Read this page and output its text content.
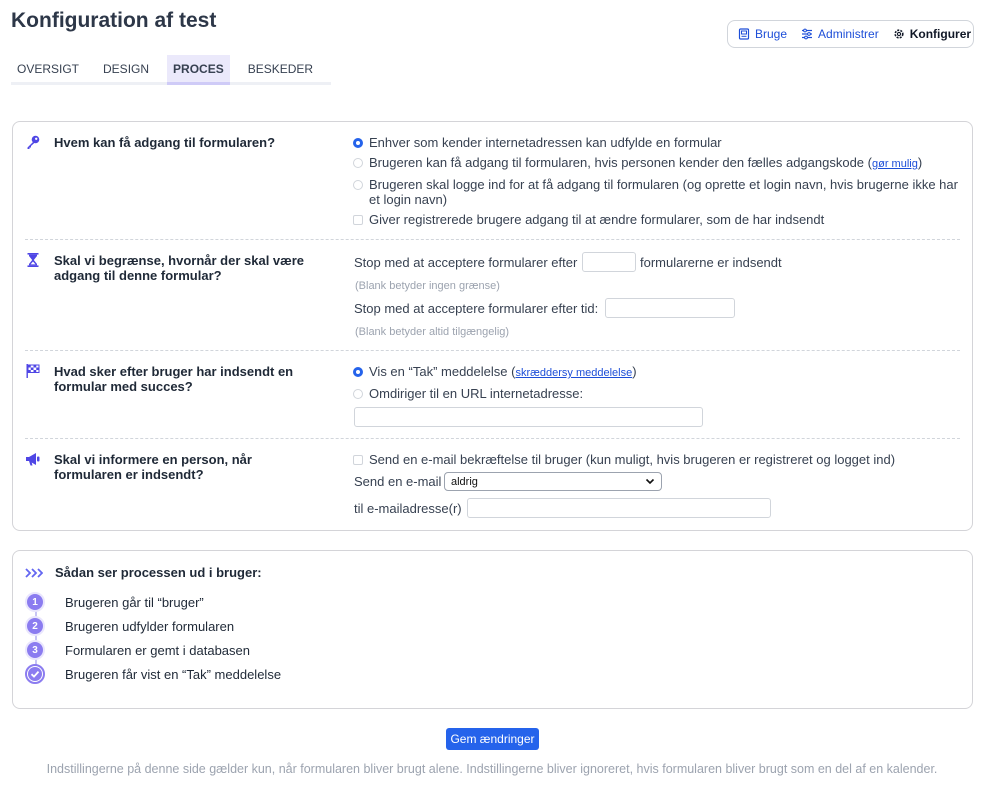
Konfiguration af test
Bruge	Administrer	Konfigurer
OVERSIGT	DESIGN	PROCES	BESKEDER
Hvem kan få adgang til formularen?	Enhver som kender internetadressen kan udfylde en formular
Brugeren kan få adgang til formularen, hvis personen kender den fælles adgangskode (gør mulig)
Brugeren skal logge ind for at få adgang til formularen (og oprette et login navn, hvis brugerne ikke har et login navn)
Giver registrerede brugere adgang til at ændre formularer, som de har indsendt
Skal vi begrænse, hvornår der skal være adgang til denne formular?
Stop med at acceptere formularer efter	formularerne er indsendt
(Blank betyder ingen grænse)
Stop med at acceptere formularer efter tid:
(Blank betyder altid tilgængelig)
Hvad sker efter bruger har indsendt en formular med succes?
Vis en “Tak” meddelelse (skræddersy meddelelse)
Omdiriger til en URL internetadresse:
Skal vi informere en person, når formularen er indsendt?
Send en e-mail bekræftelse til bruger (kun muligt, hvis brugeren er registreret og logget ind)
Send en e-mail aldrig
til e-mailadresse(r)
Sådan ser processen ud i bruger:
1	Brugeren går til “bruger”
2	Brugeren udfylder formularen
3	Formularen er gemt i databasen
Brugeren får vist en “Tak” meddelelse
Gem ændringer
Indstillingerne på denne side gælder kun, når formularen bliver brugt alene. Indstillingerne bliver ignoreret, hvis formularen bliver brugt som en del af en kalender.
